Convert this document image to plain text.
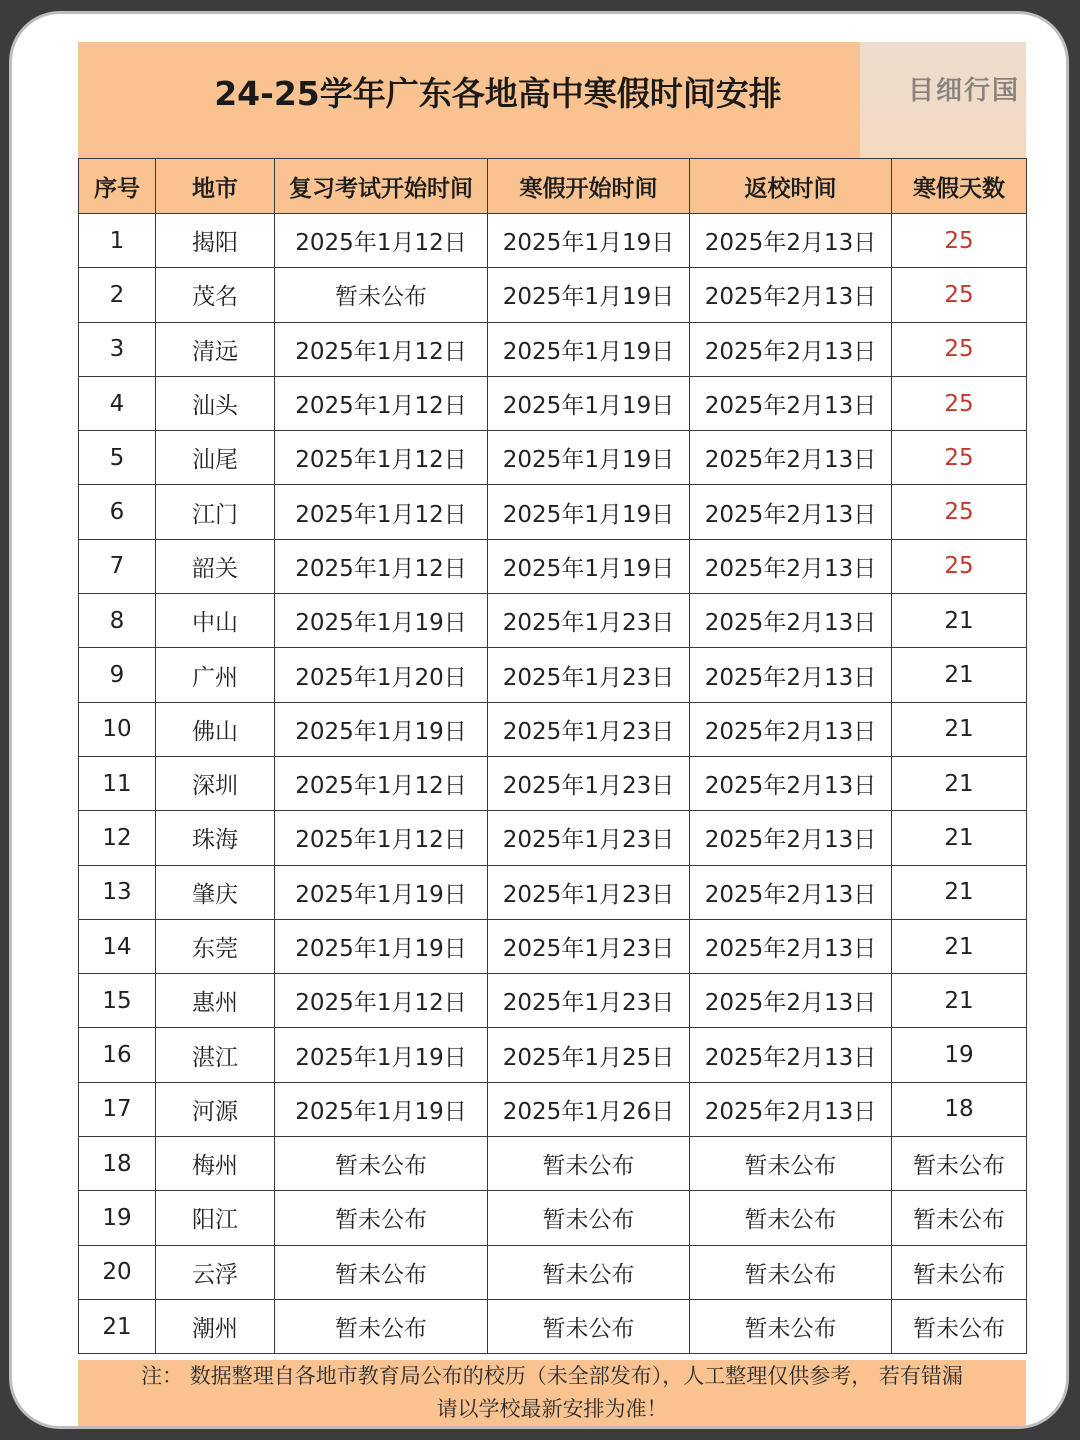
24-25学年广东各地高中寒假时间安排	目细行国
序号	地市	复习考试开始时间	寒假开始时间	返校时间	寒假天数
1	揭阳	2025年1月12日	2025年1月19日	2025年2月13日	25
2	茂名	暂未公布	2025年1月19日	2025年2月13日	25
3	清远	2025年1月12日	2025年1月19日	2025年2月13日	25
4	汕头	2025年1月12日	2025年1月19日	2025年2月13日	25
5	汕尾	2025年1月12日	2025年1月19日	2025年2月13日	25
6	江门	2025年1月12日	2025年1月19日	2025年2月13日	25
7	韶关	2025年1月12日	2025年1月19日	2025年2月13日	25
8	中山	2025年1月19日	2025年1月23日	2025年2月13日	21
9	广州	2025年1月20日	2025年1月23日	2025年2月13日	21
10	佛山	2025年1月19日	2025年1月23日	2025年2月13日	21
11	深圳	2025年1月12日	2025年1月23日	2025年2月13日	21
12	珠海	2025年1月12日	2025年1月23日	2025年2月13日	21
13	肇庆	2025年1月19日	2025年1月23日	2025年2月13日	21
14	东莞	2025年1月19日	2025年1月23日	2025年2月13日	21
15	惠州	2025年1月12日	2025年1月23日	2025年2月13日	21
16	湛江	2025年1月19日	2025年1月25日	2025年2月13日	19
17	河源	2025年1月19日	2025年1月26日	2025年2月13日	18
18	梅州	暂未公布	暂未公布	暂未公布	暂未公布
19	阳江	暂未公布	暂未公布	暂未公布	暂未公布
20	云浮	暂未公布	暂未公布	暂未公布	暂未公布
21	潮州	暂未公布	暂未公布	暂未公布	暂未公布
注： 数据整理自各地市教育局公布的校历（未全部发布），人工整理仅供参考， 若有错漏
请以学校最新安排为准！
